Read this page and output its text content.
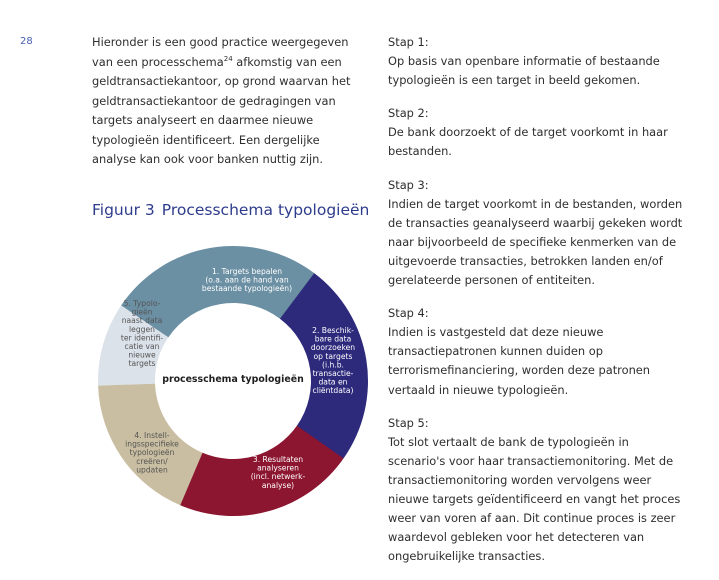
28	Hieronder is een good practice weergegeven van een processchema$^{24}$ afkomstig van een geldtransactiekantoor, op grond waarvan het geldtransactiekantoor de gedragingen van targets analyseert en daarmee nieuwe typologieën identificeert. Een dergelijke analyse kan ook voor banken nuttig zijn.

Figuur 3 Processchema typologieën
1. Targets bepalen (o.a. aan de hand van bestaande typologieën)
2. Beschik-bare data doorzoeken op targets (i.h.b. transactie-data en cliëntdata)
3. Resultaten analyseren (incl. netwerk-analyse)
4. Instell-ingsspecifieke typologieën creëren/ updaten
5. Typolo-gieën naast data leggen ter identifi-catie van nieuwe targets
processchema typologieën
Stap 1:
Op basis van openbare informatie of bestaande typologieën is een target in beeld gekomen.
Stap 2:
De bank doorzoekt of de target voorkomt in haar bestanden.
Stap 3:
Indien de target voorkomt in de bestanden, worden de transacties geanalyseerd waarbij gekeken wordt naar bijvoorbeeld de specifieke kenmerken van de uitgevoerde transacties, betrokken landen en/of gerelateerde personen of entiteiten.
Stap 4:
Indien is vastgesteld dat deze nieuwe transactiepatronen kunnen duiden op terrorismefinanciering, worden deze patronen vertaald in nieuwe typologieën.
Stap 5:
Tot slot vertaalt de bank de typologieën in scenario's voor haar transactiemonitoring. Met de transactiemonitoring worden vervolgens weer nieuwe targets geïdentificeerd en vangt het proces weer van voren af aan. Dit continue proces is zeer waardevol gebleken voor het detecteren van ongebruikelijke transacties.
